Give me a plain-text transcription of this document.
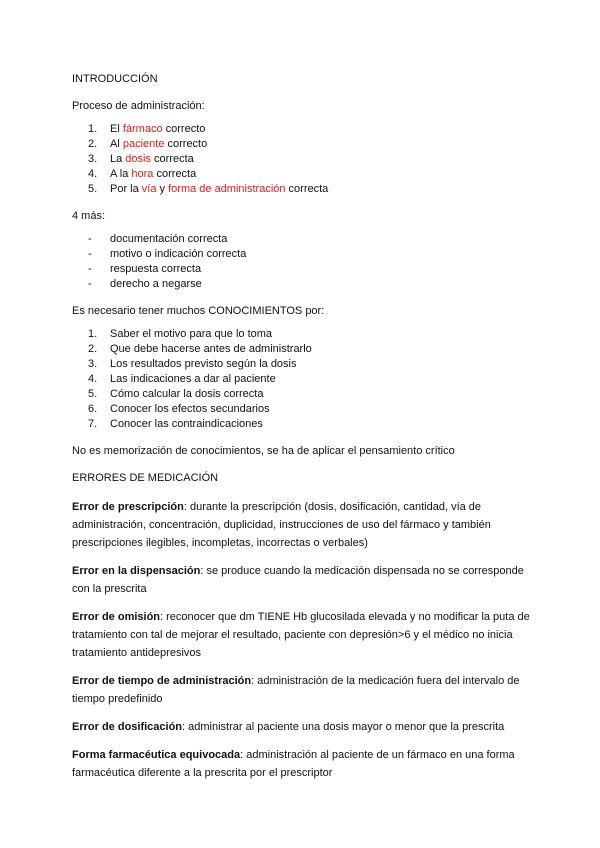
INTRODUCCIÓN

Proceso de administración:

1.	El fármaco correcto
2.	Al paciente correcto
3.	La dosis correcta
4.	A la hora correcta
5.	Por la vía y forma de administración correcta

4 más:

-	documentación correcta
-	motivo o indicación correcta
-	respuesta correcta
-	derecho a negarse

Es necesario tener muchos CONOCIMIENTOS por:

1.	Saber el motivo para que lo toma
2.	Que debe hacerse antes de administrarlo
3.	Los resultados previsto según la dosis
4.	Las indicaciones a dar al paciente
5.	Cómo calcular la dosis correcta
6.	Conocer los efectos secundarios
7.	Conocer las contraindicaciones

No es memorización de conocimientos, se ha de aplicar el pensamiento crítico

ERRORES DE MEDICACIÓN

Error de prescripción: durante la prescripción (dosis, dosificación, cantidad, vía de administración, concentración, duplicidad, instrucciones de uso del fármaco y también prescripciones ilegibles, incompletas, incorrectas o verbales)

Error en la dispensación: se produce cuando la medicación dispensada no se corresponde con la prescrita

Error de omisión: reconocer que dm TIENE Hb glucosilada elevada y no modificar la puta de tratamiento con tal de mejorar el resultado, paciente con depresión>6 y el médico no inicia tratamiento antidepresivos

Error de tiempo de administración: administración de la medicación fuera del intervalo de tiempo predefinido

Error de dosificación: administrar al paciente una dosis mayor o menor que la prescrita

Forma farmacéutica equivocada: administración al paciente de un fármaco en una forma farmacéutica diferente a la prescrita por el prescriptor
